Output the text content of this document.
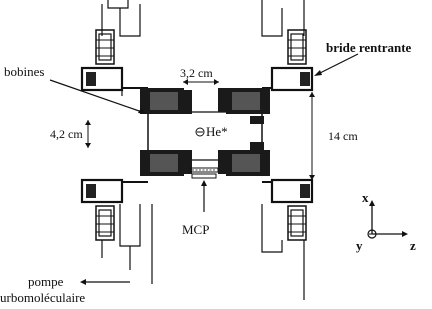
bobines
bride rentrante
3,2 cm
4,2 cm	14 cm
He*
MCP
pompe
urbomoléculaire
x
y	z
